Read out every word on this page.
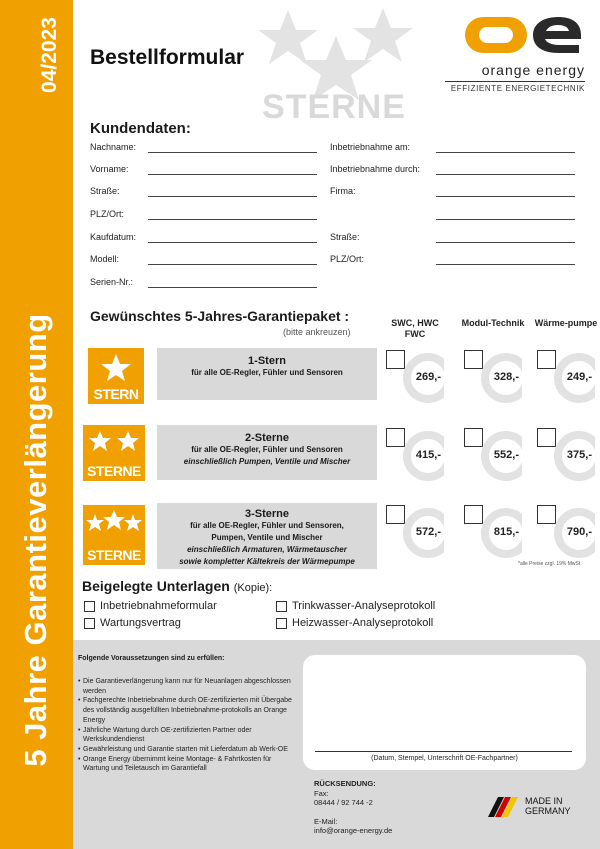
04/2023
5 Jahre Garantieverlängerung
Bestellformular
STERNE
orange energy
EFFIZIENTE ENERGIETECHNIK
Kundendaten:
Nachname:
Vorname:
Straße:
PLZ/Ort:
Kaufdatum:
Modell:
Serien-Nr.:
Inbetriebnahme am:
Inbetriebnahme durch:
Firma:
Straße:
PLZ/Ort:
Gewünschtes 5-Jahres-Garantiepaket :
(bitte ankreuzen)
SWC, HWC FWC
Modul-Technik	Wärme-pumpe
STERN
1-Stern
für alle OE-Regler, Fühler und Sensoren
STERNE
2-Sterne
für alle OE-Regler, Fühler und Sensoren
einschließlich Pumpen, Ventile und Mischer
STERNE
3-Sterne
für alle OE-Regler, Fühler und Sensoren,
Pumpen, Ventile und Mischer
einschließlich Armaturen, Wärmetauscher
sowie kompletter Kältekreis der Wärmepumpe
269,-	328,-	249,-
415,-	552,-	375,-
572,-	815,-	790,-
*alle Preise zzgl. 19% MwSt
Beigelegte Unterlagen (Kopie):
Inbetriebnahmeformular
Wartungsvertrag
Trinkwasser-Analyseprotokoll
Heizwasser-Analyseprotokoll
Folgende Voraussetzungen sind zu erfüllen:
• Die Garantieverlängerung kann nur für Neuanlagen abgeschlossen werden
• Fachgerechte Inbetriebnahme durch OE-zertifizierten mit Übergabe des vollständig ausgefüllten Inbetriebnahme-protokolls an Orange Energy
• Jährliche Wartung durch OE-zertifizierten Partner oder Werkskundendienst
• Gewährleistung und Garantie starten mit Lieferdatum ab Werk-OE
• Orange Energy übernimmt keine Montage- & Fahrtkosten für Wartung und Teiletausch im Garantiefall
(Datum, Stempel, Unterschrift OE-Fachpartner)
RÜCKSENDUNG:
Fax:
08444 / 92 744 -2
E-Mail:
info@orange-energy.de
MADE IN
GERMANY
